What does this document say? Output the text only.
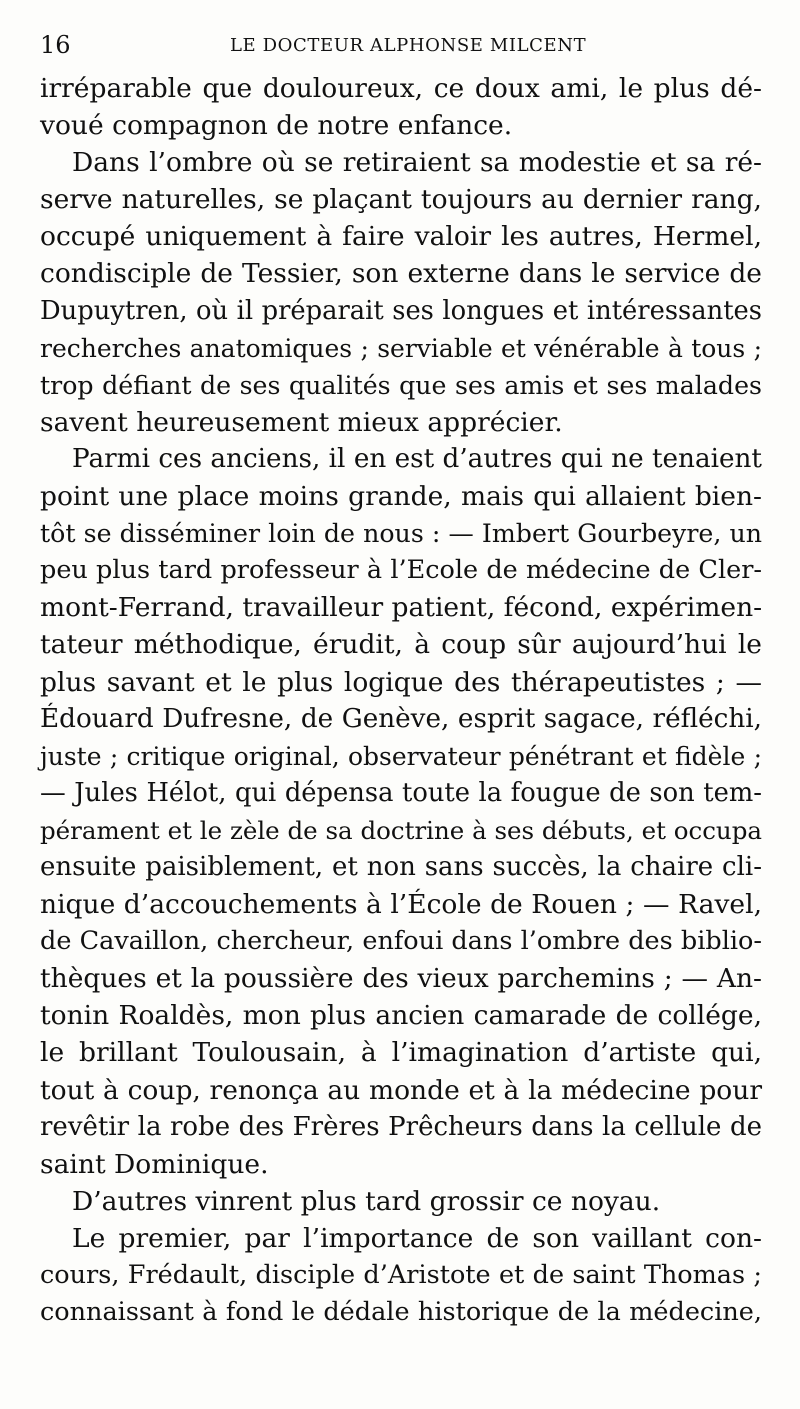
16	LE DOCTEUR ALPHONSE MILCENT
irréparable que douloureux, ce doux ami, le plus dé-
voué compagnon de notre enfance.
Dans l’ombre où se retiraient sa modestie et sa ré-
serve naturelles, se plaçant toujours au dernier rang,
occupé uniquement à faire valoir les autres, Hermel,
condisciple de Tessier, son externe dans le service de
Dupuytren, où il préparait ses longues et intéressantes
recherches anatomiques ; serviable et vénérable à tous ;
trop défiant de ses qualités que ses amis et ses malades
savent heureusement mieux apprécier.
Parmi ces anciens, il en est d’autres qui ne tenaient
point une place moins grande, mais qui allaient bien-
tôt se disséminer loin de nous : — Imbert Gourbeyre, un
peu plus tard professeur à l’Ecole de médecine de Cler-
mont-Ferrand, travailleur patient, fécond, expérimen-
tateur méthodique, érudit, à coup sûr aujourd’hui le
plus savant et le plus logique des thérapeutistes ; —
Édouard Dufresne, de Genève, esprit sagace, réfléchi,
juste ; critique original, observateur pénétrant et fidèle ;
— Jules Hélot, qui dépensa toute la fougue de son tem-
pérament et le zèle de sa doctrine à ses débuts, et occupa
ensuite paisiblement, et non sans succès, la chaire cli-
nique d’accouchements à l’École de Rouen ; — Ravel,
de Cavaillon, chercheur, enfoui dans l’ombre des biblio-
thèques et la poussière des vieux parchemins ; — An-
tonin Roaldès, mon plus ancien camarade de collége,
le brillant Toulousain, à l’imagination d’artiste qui,
tout à coup, renonça au monde et à la médecine pour
revêtir la robe des Frères Prêcheurs dans la cellule de
saint Dominique.
D’autres vinrent plus tard grossir ce noyau.
Le premier, par l’importance de son vaillant con-
cours, Frédault, disciple d’Aristote et de saint Thomas ;
connaissant à fond le dédale historique de la médecine,
